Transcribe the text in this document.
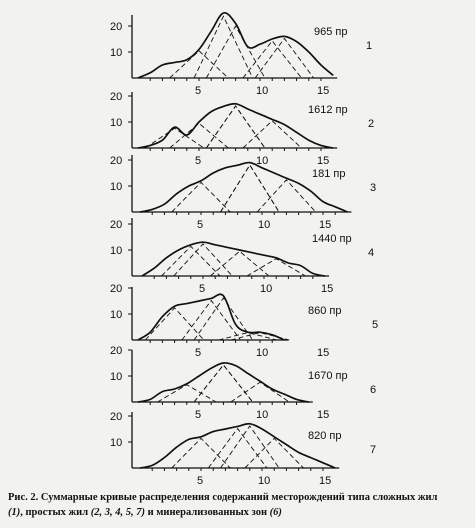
20
10
5	10	15
965 пр
1
20
10
5	10	15
1612 пр
2
20
10
5	10	15
181 пр
3
20
10
5	10	15
1440 пр
4
20
10
5	10	15
860 пр
5
20
10
5	10	15
1670 пр
6
20
10
5	10	15
820 пр
7

Рис. 2. Суммарные кривые распределения содержаний месторождений типа сложных жил

(1), простых жил (2, 3, 4, 5, 7) и минерализованных зон (6)
